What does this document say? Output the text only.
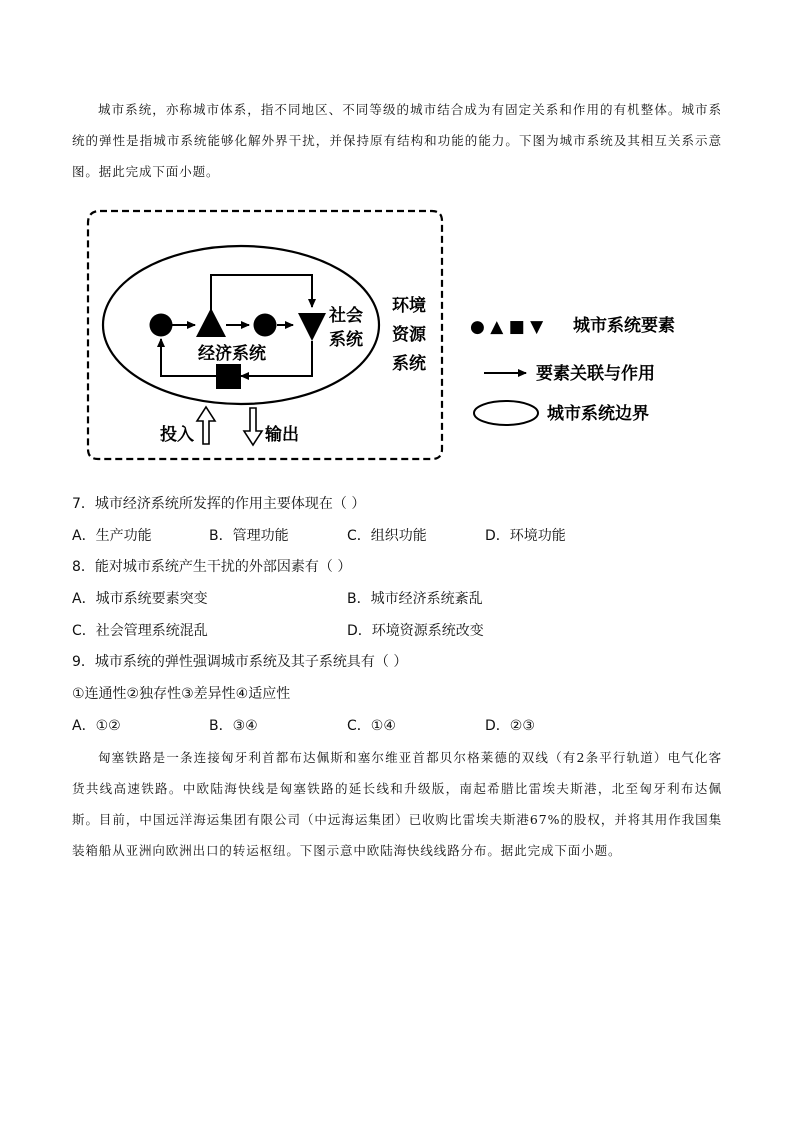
城市系统，亦称城市体系，指不同地区、不同等级的城市结合成为有固定关系和作用的有机整体。城市系统的弹性是指城市系统能够化解外界干扰，并保持原有结构和功能的能力。下图为城市系统及其相互关系示意图。据此完成下面小题。

社会
系统
经济系统
环境
资源
系统
投入	输出
● ▲ ■ ▼ 城市系统要素
要素关联与作用
城市系统边界
7．城市经济系统所发挥的作用主要体现在（ ）
A．生产功能	B．管理功能	C．组织功能	D．环境功能
8．能对城市系统产生干扰的外部因素有（ ）
A．城市系统要素突变	B．城市经济系统紊乱
C．社会管理系统混乱	D．环境资源系统改变
9．城市系统的弹性强调城市系统及其子系统具有（ ）
①连通性②独存性③差异性④适应性
A．①②	B．③④	C．①④	D．②③

匈塞铁路是一条连接匈牙利首都布达佩斯和塞尔维亚首都贝尔格莱德的双线（有2条平行轨道）电气化客货共线高速铁路。中欧陆海快线是匈塞铁路的延长线和升级版，南起希腊比雷埃夫斯港，北至匈牙利布达佩斯。目前，中国远洋海运集团有限公司（中远海运集团）已收购比雷埃夫斯港67%的股权，并将其用作我国集装箱船从亚洲向欧洲出口的转运枢纽。下图示意中欧陆海快线线路分布。据此完成下面小题。
